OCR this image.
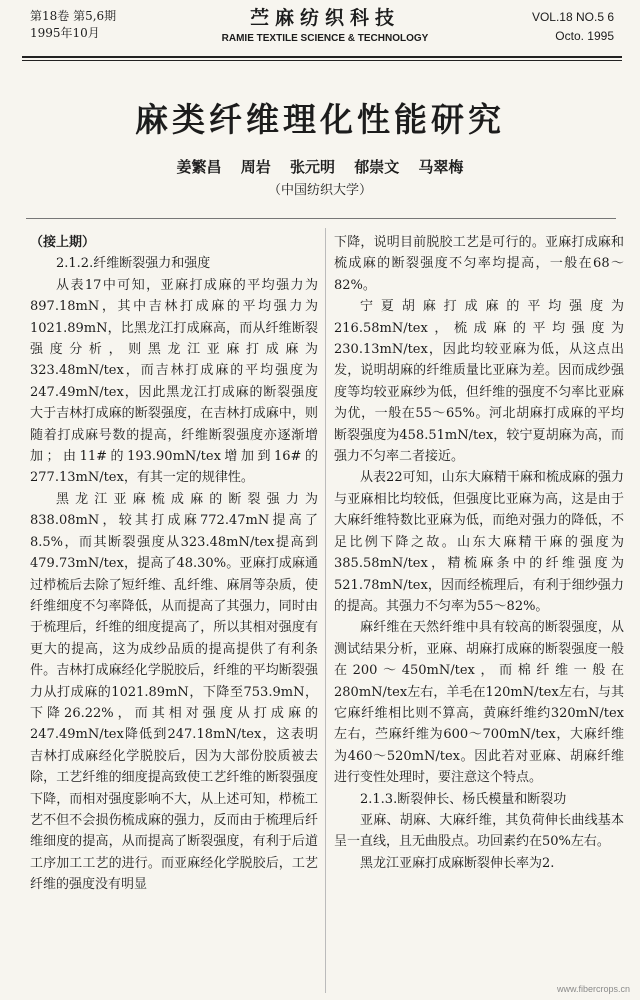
第18卷 第5,6期
1995年10月
苎麻纺织科技
RAMIE TEXTILE SCIENCE & TECHNOLOGY
VOL.18 NO.5 6
Octo. 1995
麻类纤维理化性能研究
姜繁昌 周岩 张元明 郁崇文 马翠梅
（中国纺织大学）

（接上期）

2.1.2.纤维断裂强力和强度

从表17中可知，亚麻打成麻的平均强力为897.18mN，其中吉林打成麻的平均强力为1021.89mN，比黑龙江打成麻高，而从纤维断裂强度分析，则黑龙江亚麻打成麻为323.48mN/tex，而吉林打成麻的平均强度为247.49mN/tex，因此黑龙江打成麻的断裂强度大于吉林打成麻的断裂强度，在吉林打成麻中，则随着打成麻号数的提高，纤维断裂强度亦逐渐增加；由11#的193.90mN/tex增加到16#的277.13mN/tex，有其一定的规律性。

黑龙江亚麻梳成麻的断裂强力为838.08mN，较其打成麻772.47mN提高了8.5%，而其断裂强度从323.48mN/tex提高到479.73mN/tex，提高了48.30%。亚麻打成麻通过栉梳后去除了短纤维、乱纤维、麻屑等杂质，使纤维细度不匀率降低，从而提高了其强力，同时由于梳理后，纤维的细度提高了，所以其相对强度有更大的提高，这为成纱品质的提高提供了有利条件。吉林打成麻经化学脱胶后，纤维的平均断裂强力从打成麻的1021.89mN，下降至753.9mN，下降26.22%，而其相对强度从打成麻的247.49mN/tex降低到247.18mN/tex，这表明吉林打成麻经化学脱胶后，因为大部份胶质被去除，工艺纤维的细度提高致使工艺纤维的断裂强度下降，而相对强度影响不大，从上述可知，栉梳工艺不但不会损伤梳成麻的强力，反而由于梳理后纤维细度的提高，从而提高了断裂强度，有利于后道工序加工工艺的进行。而亚麻经化学脱胶后，工艺纤维的强度没有明显

下降，说明目前脱胶工艺是可行的。亚麻打成麻和梳成麻的断裂强度不匀率均提高，一般在68～82%。

宁夏胡麻打成麻的平均强度为216.58mN/tex，梳成麻的平均强度为230.13mN/tex，因此均较亚麻为低，从这点出发，说明胡麻的纤维质量比亚麻为差。因而成纱强度等均较亚麻纱为低，但纤维的强度不匀率比亚麻为优，一般在55～65%。河北胡麻打成麻的平均断裂强度为458.51mN/tex，较宁夏胡麻为高，而强力不匀率二者接近。

从表22可知，山东大麻精干麻和梳成麻的强力与亚麻相比均较低，但强度比亚麻为高，这是由于大麻纤维特数比亚麻为低，而绝对强力的降低，不足比例下降之故。山东大麻精干麻的强度为385.58mN/tex，精梳麻条中的纤维强度为521.78mN/tex，因而经梳理后，有利于细纱强力的提高。其强力不匀率为55～82%。

麻纤维在天然纤维中具有较高的断裂强度，从测试结果分析，亚麻、胡麻打成麻的断裂强度一般在200～450mN/tex，而棉纤维一般在280mN/tex左右，羊毛在120mN/tex左右，与其它麻纤维相比则不算高，黄麻纤维约320mN/tex左右，苎麻纤维为600～700mN/tex，大麻纤维为460～520mN/tex。因此若对亚麻、胡麻纤维进行变性处理时，要注意这个特点。

2.1.3.断裂伸长、杨氏模量和断裂功

亚麻、胡麻、大麻纤维，其负荷伸长曲线基本呈一直线，且无曲股点。功回素约在50%左右。

黑龙江亚麻打成麻断裂伸长率为2.

www.fibercrops.cn
